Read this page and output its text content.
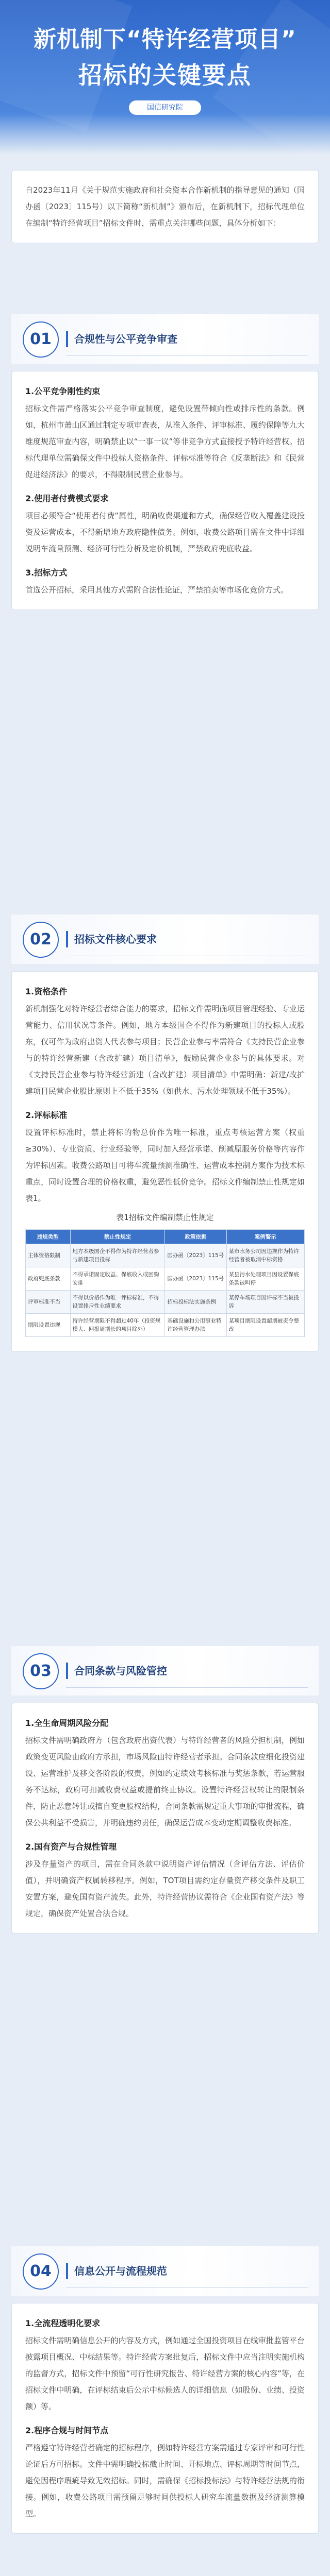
新机制下“特许经营项目”
招标的关键要点
国信研究院

自2023年11月《关于规范实施政府和社会资本合作新机制的指导意见的通知（国办函〔2023〕115号）以下简称“新机制”》颁布后，在新机制下，招标代理单位在编制“特许经营项目”招标文件时，需重点关注哪些问题，具体分析如下：

01	合规性与公平竞争审查
1.公平竞争刚性约束

招标文件需严格落实公平竞争审查制度，避免设置带倾向性或排斥性的条款。例如，杭州市萧山区通过制定专项审查表，从准入条件、评审标准、履约保障等九大维度规范审查内容，明确禁止以“一事一议”等非竞争方式直接授予特许经营权。招标代理单位需确保文件中投标人资格条件、评标标准等符合《反垄断法》和《民营促进经济法》的要求，不得限制民营企业参与。

2.使用者付费模式要求

项目必须符合“使用者付费”属性，明确收费渠道和方式，确保经营收入覆盖建设投资及运营成本，不得新增地方政府隐性债务。例如，收费公路项目需在文件中详细说明车流量预测、经济可行性分析及定价机制，严禁政府兜底收益。

3.招标方式

首选公开招标，采用其他方式需附合法性论证，严禁拍卖等市场化竞价方式。

02	招标文件核心要求
1.资格条件

新机制强化对特许经营者综合能力的要求，招标文件需明确项目管理经验、专业运营能力、信用状况等条件。例如，地方本级国企不得作为新建项目的投标人或股东，仅可作为政府出资人代表参与项目；民营企业参与率需符合《支持民营企业参与的特许经营新建（含改扩建）项目清单》，鼓励民营企业参与的具体要求。对《支持民营企业参与特许经营新建（含改扩建）项目清单》中需明确：新建/改扩建项目民营企业股比原则上不低于35%（如供水、污水处理领域不低于35%）。

2.评标标准

设置评标标准时，禁止将标的物总价作为唯一标准，重点考核运营方案（权重≥30%）、专业资质、行业经验等，同时加入经营承诺、削减原服务价格等内容作为评标因素。收费公路项目可将车流量预测准确性、运营成本控制方案作为技术标重点，同时设置合理的价格权重，避免恶性低价竞争。招标文件编制禁止性规定如表1。

表1招标文件编制禁止性规定
违规类型	禁止性规定	政策依据	案例警示
主体资格限制	地方本级国企不得作为特许经营者参与新建项目投标	国办函〔2023〕115号	某市水务公司因违规作为特许经营者被取消中标资格
政府兜底条款	不得承诺固定收益、保底收入或回购安排	国办函〔2023〕115号	某县污水处理项目因设置保底条款被叫停
评审标准不当	不得以价格作为唯一评标标准，不得设置排斥性业绩要求	招标投标法实施条例	某停车场项目因评标不当被投诉
期限设置违规	特许经营期限不得超过40年（投资规模大、回报周期长的项目除外）	基础设施和公用事业特许经营管理办法	某项目期限设置超期被责令整改
03	合同条款与风险管控
1.全生命周期风险分配

招标文件需明确政府方（包含政府出资代表）与特许经营者的风险分担机制，例如政策变更风险由政府方承担，市场风险由特许经营者承担。合同条款应细化投资建设、运营维护及移交各阶段的权责，例如约定绩效考核标准与奖惩条款，若运营服务不达标，政府可扣减收费权益或提前终止协议。设置特许经营权转让的限制条件，防止恶意转让或擅自变更股权结构，合同条款需规定重大事项的审批流程，确保公共利益不受损害，并明确违约责任，确保运营成本变动定期调整收费标准。

2.国有资产与合规性管理

涉及存量资产的项目，需在合同条款中说明资产评估情况（含评估方法、评估价值），并明确资产权属转移程序。例如，TOT项目需约定存量资产移交条件及职工安置方案，避免国有资产流失。此外，特许经营协议需符合《企业国有资产法》等规定，确保资产处置合法合规。

04	信息公开与流程规范
1.全流程透明化要求

招标文件需明确信息公开的内容及方式，例如通过全国投资项目在线审批监管平台披露项目概况、中标结果等。特许经营方案批复后，招标文件中应当注明实施机构的监督方式，招标文件中预留“可行性研究报告、特许经营方案的核心内容”等，在招标文件中明确，在评标结束后公示中标候选人的详细信息（如股份、业绩、投资额）等。

2.程序合规与时间节点

严格遵守特许经营者确定的招标程序，例如特许经营方案需通过专家评审和可行性论证后方可招标。文件中需明确投标截止时间、开标地点、评标周期等时间节点，避免因程序瑕疵导致无效招标。同时，需确保《招标投标法》与特许经营法规的衔接。例如，收费公路项目需预留足够时间供投标人研究车流量数据及经济测算模型。
